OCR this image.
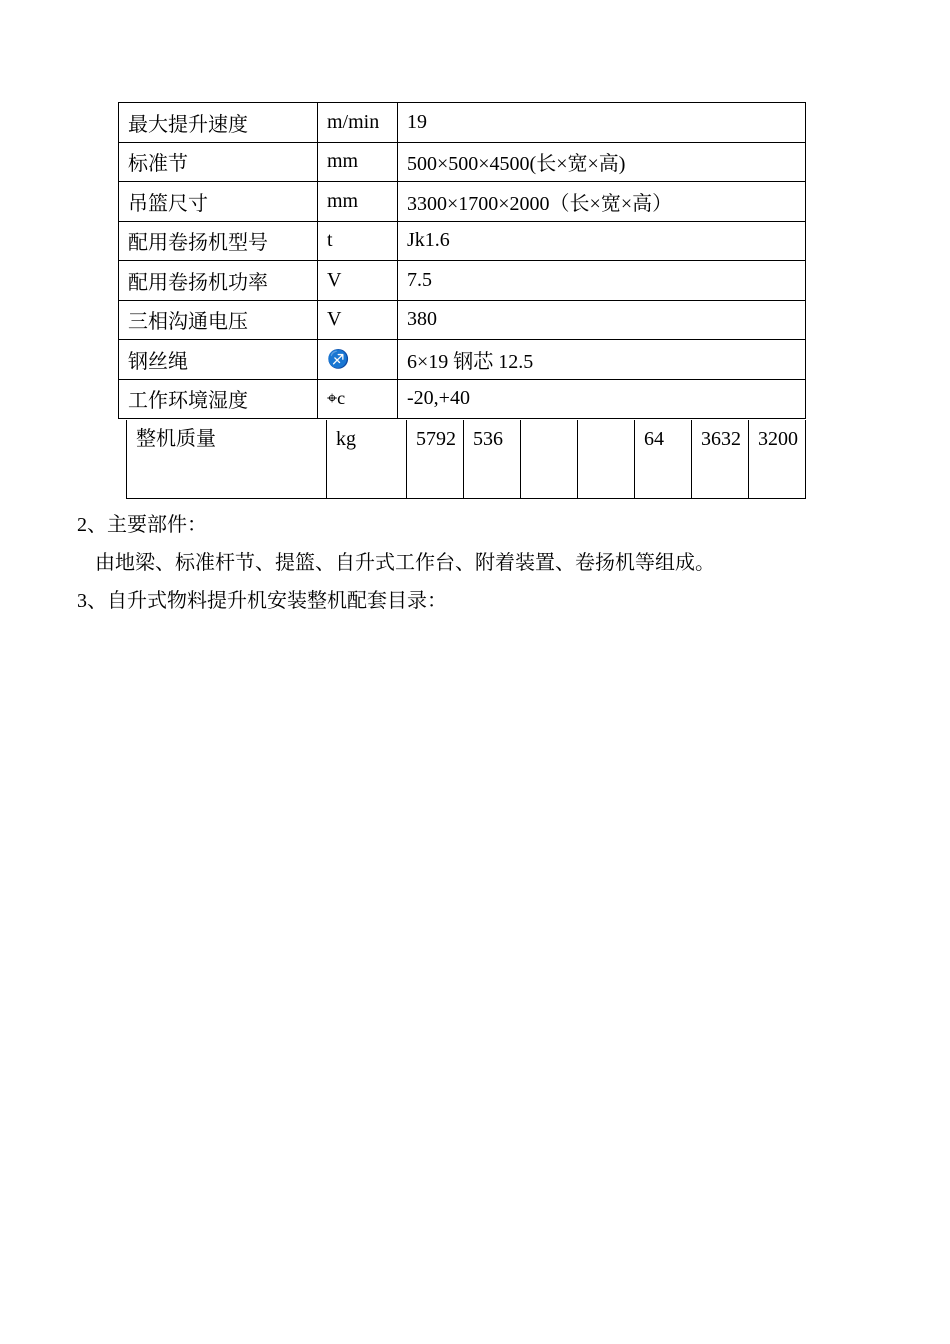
最大提升速度	m/min	19
标准节	mm	500×500×4500(长×宽×高)
吊篮尺寸	mm	3300×1700×2000（长×宽×高）
配用卷扬机型号	t	Jk1.6
配用卷扬机功率	V	7.5
三相沟通电压	V	380
钢丝绳	♐	6×19 钢芯 12.5
工作环境湿度	⌖c	-20,+40
整机质量	kg	5792	536			64	3632	3200
2、主要部件：
由地梁、标准杆节、提篮、自升式工作台、附着装置、卷扬机等组成。
3、自升式物料提升机安装整机配套目录：
